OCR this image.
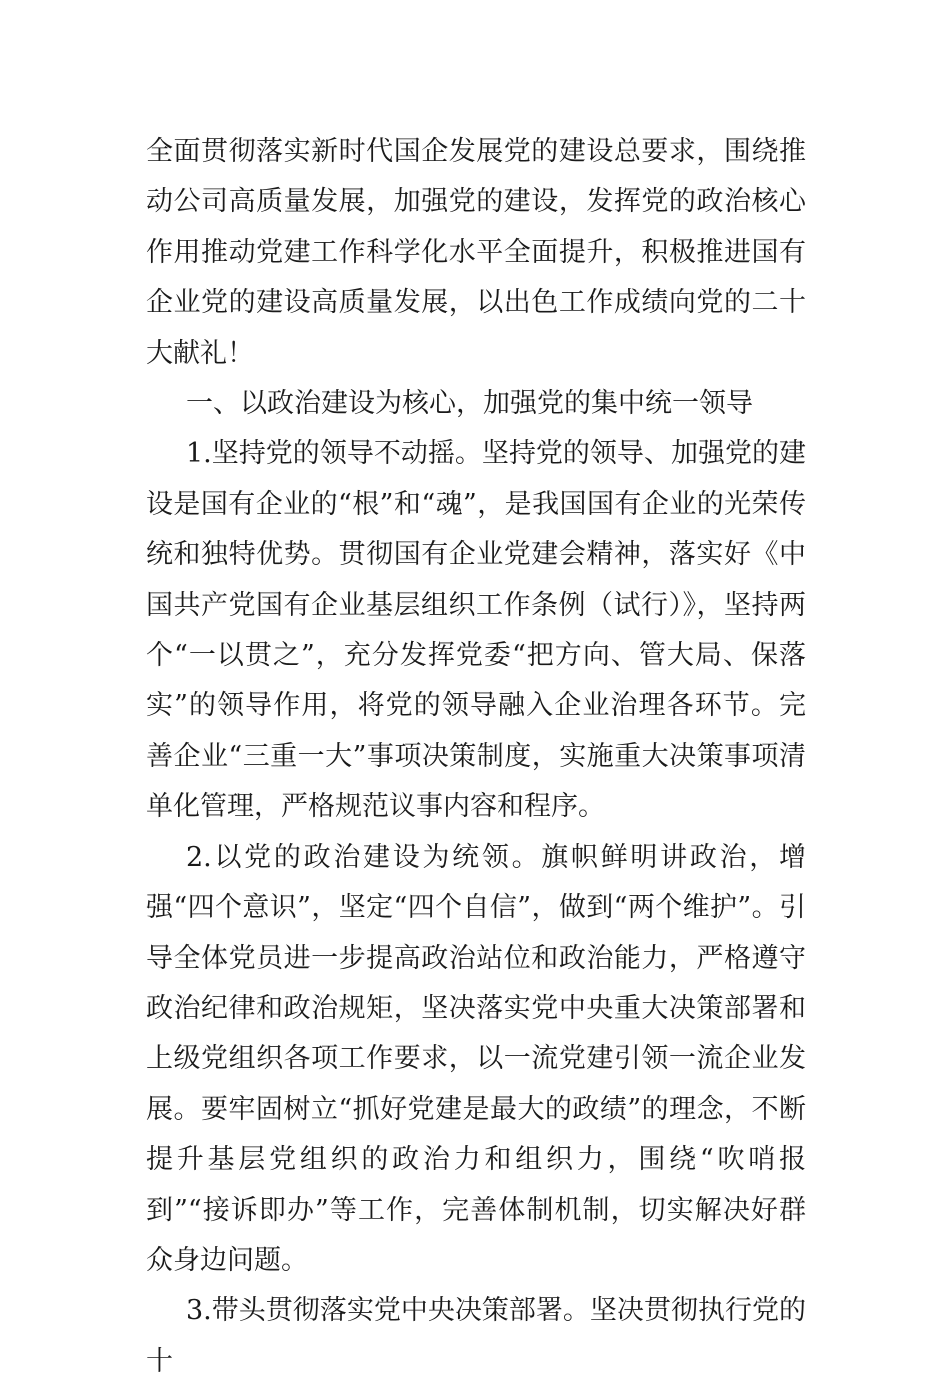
全面贯彻落实新时代国企发展党的建设总要求，围绕推动公司高质量发展，加强党的建设，发挥党的政治核心作用推动党建工作科学化水平全面提升，积极推进国有企业党的建设高质量发展，以出色工作成绩向党的二十大献礼！

一、以政治建设为核心，加强党的集中统一领导

1.坚持党的领导不动摇。坚持党的领导、加强党的建设是国有企业的“根”和“魂”，是我国国有企业的光荣传统和独特优势。贯彻国有企业党建会精神，落实好《中国共产党国有企业基层组织工作条例（试行）》，坚持两个“一以贯之”，充分发挥党委“把方向、管大局、保落实”的领导作用，将党的领导融入企业治理各环节。完善企业“三重一大”事项决策制度，实施重大决策事项清单化管理，严格规范议事内容和程序。

2.以党的政治建设为统领。旗帜鲜明讲政治，增强“四个意识”，坚定“四个自信”，做到“两个维护”。引导全体党员进一步提高政治站位和政治能力，严格遵守政治纪律和政治规矩，坚决落实党中央重大决策部署和上级党组织各项工作要求，以一流党建引领一流企业发展。要牢固树立“抓好党建是最大的政绩”的理念，不断提升基层党组织的政治力和组织力，围绕“吹哨报到”“接诉即办”等工作，完善体制机制，切实解决好群众身边问题。

3.带头贯彻落实党中央决策部署。坚决贯彻执行党的十
